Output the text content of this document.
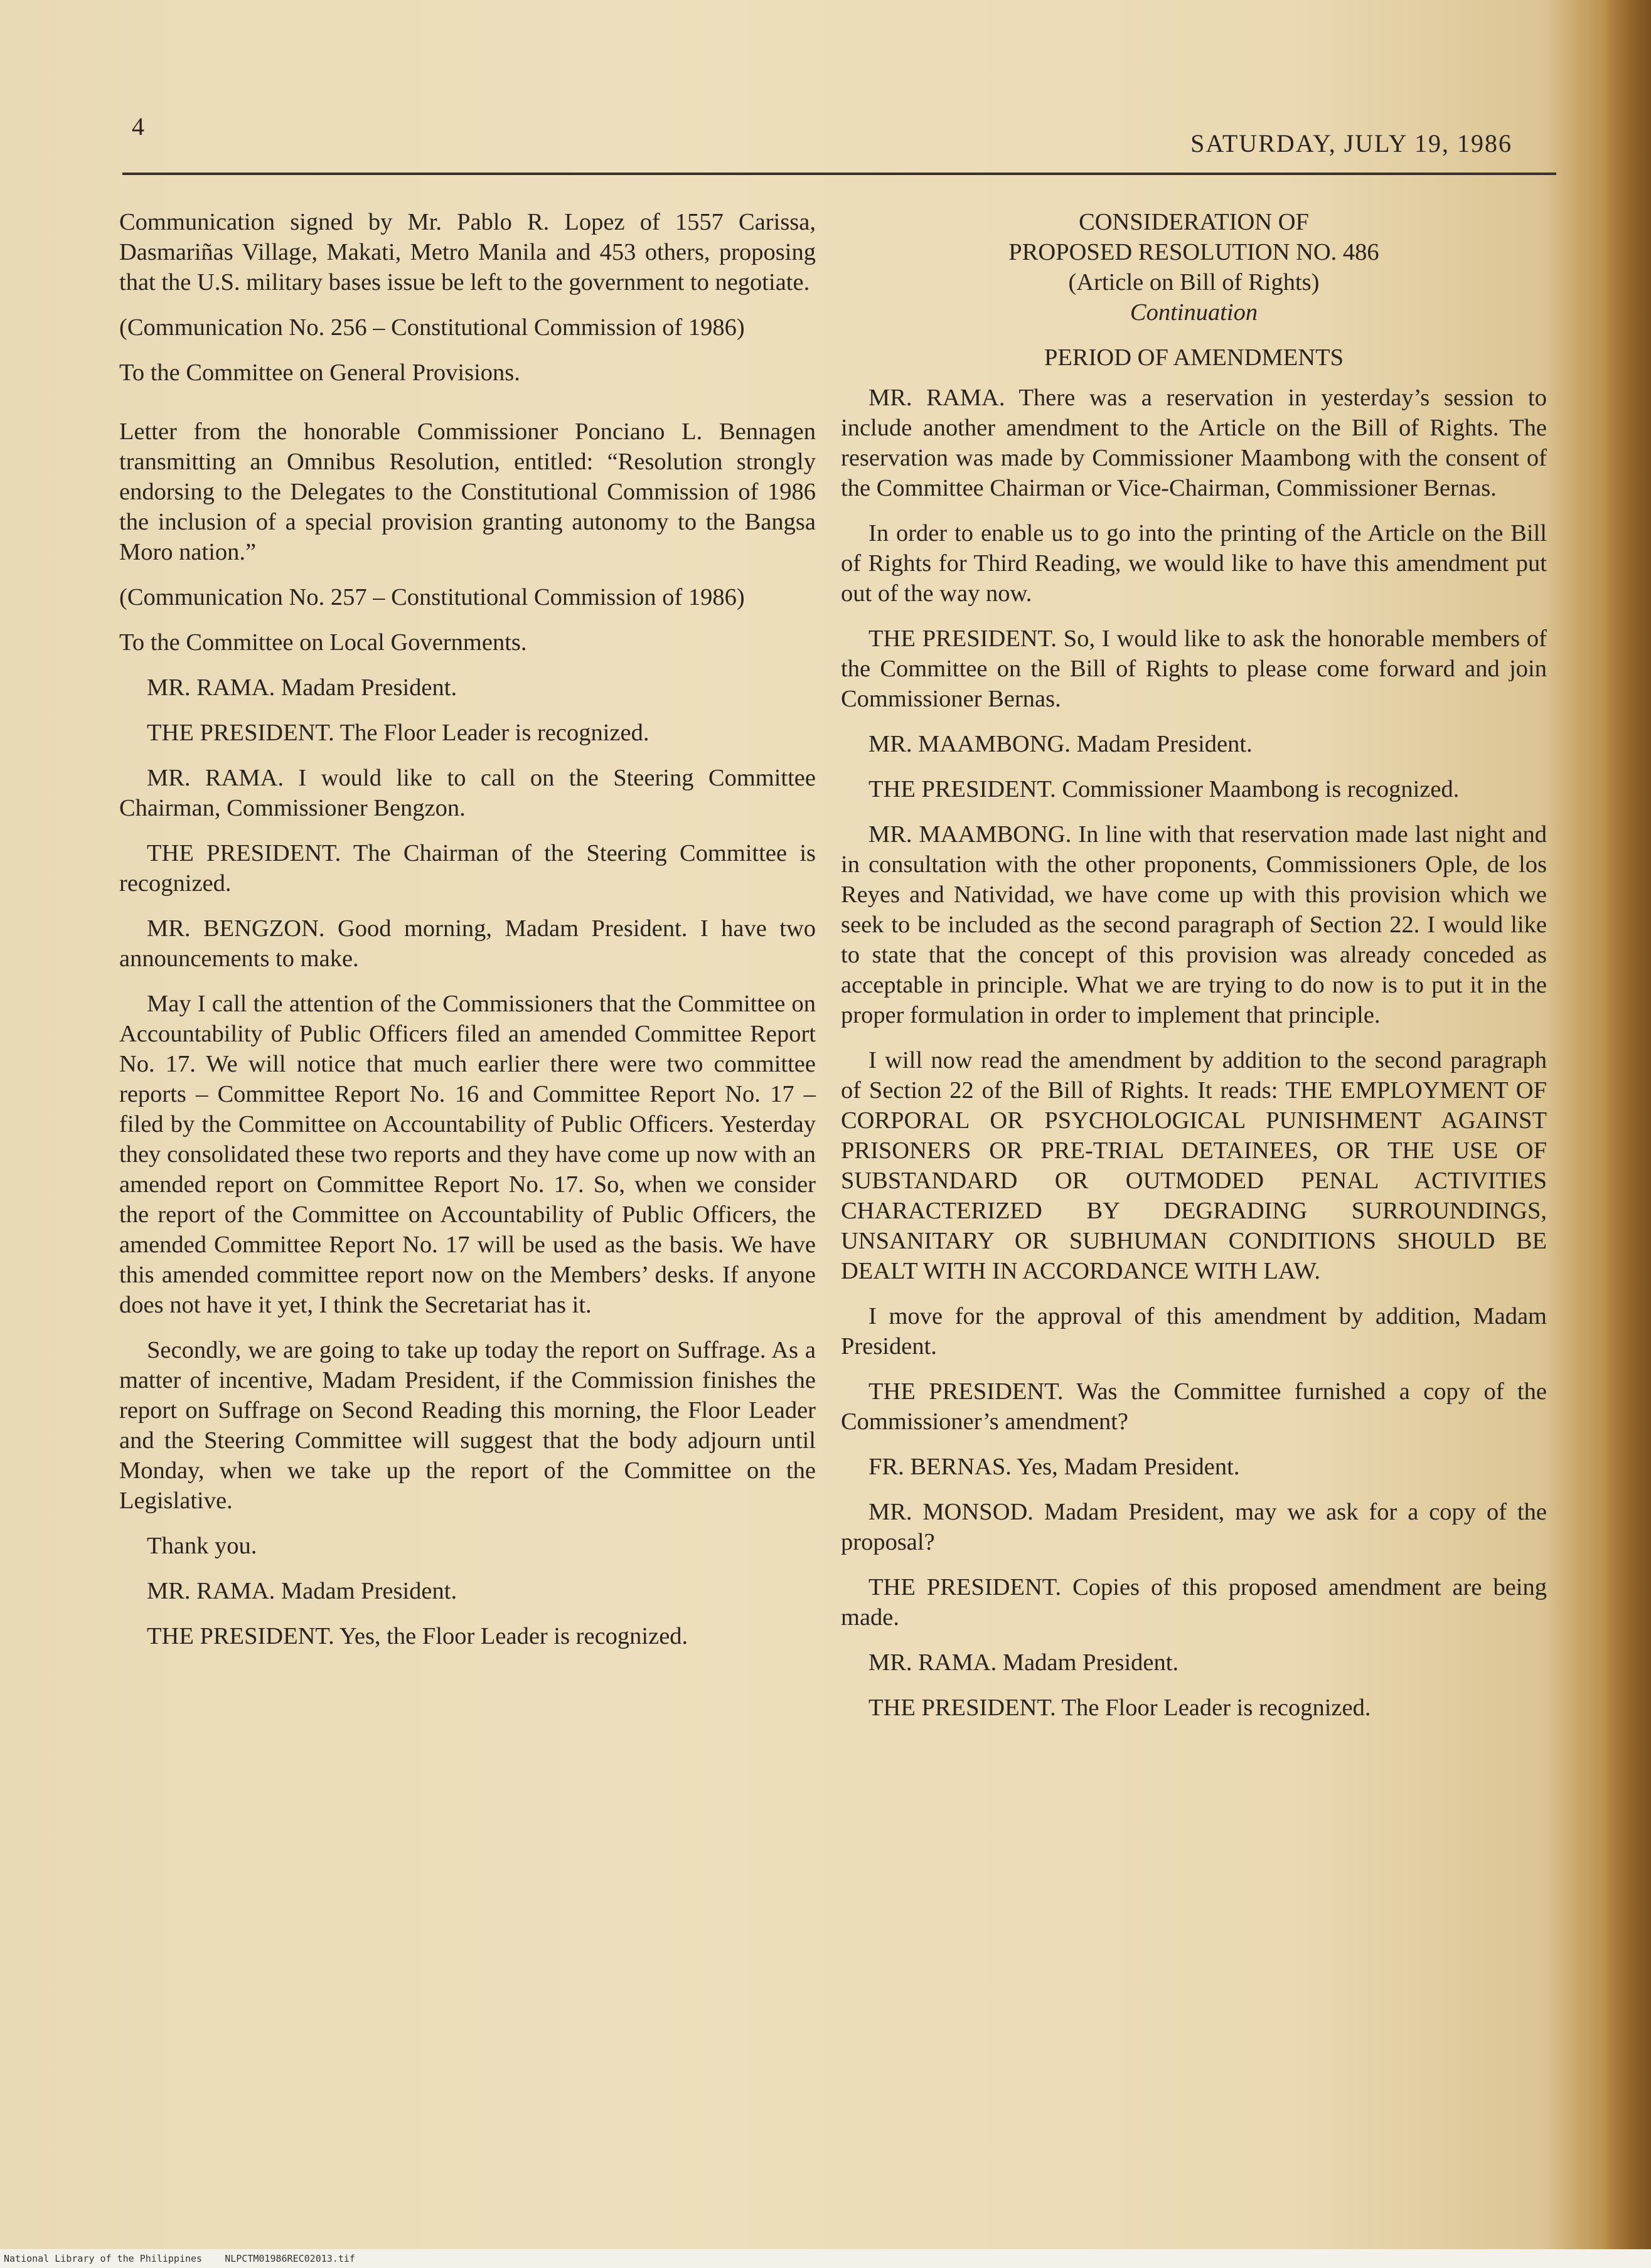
4
SATURDAY, JULY 19, 1986

Communication signed by Mr. Pablo R. Lopez of 1557 Carissa, Dasmariñas Village, Makati, Metro Manila and 453 others, proposing that the U.S. military bases issue be left to the government to negotiate.

(Communication No. 256 – Constitutional Commission of 1986)

To the Committee on General Provisions.

Letter from the honorable Commissioner Ponciano L. Bennagen transmitting an Omnibus Resolution, entitled: “Resolution strongly endorsing to the Delegates to the Constitutional Commission of 1986 the inclusion of a special provision granting autonomy to the Bangsa Moro nation.”

(Communication No. 257 – Constitutional Commission of 1986)

To the Committee on Local Governments.

MR. RAMA. Madam President.

THE PRESIDENT. The Floor Leader is recognized.

MR. RAMA. I would like to call on the Steering Committee Chairman, Commissioner Bengzon.

THE PRESIDENT. The Chairman of the Steering Committee is recognized.

MR. BENGZON. Good morning, Madam President. I have two announcements to make.

May I call the attention of the Commissioners that the Committee on Accountability of Public Officers filed an amended Committee Report No. 17. We will notice that much earlier there were two committee reports – Committee Report No. 16 and Committee Report No. 17 – filed by the Committee on Accountability of Public Officers. Yesterday they consolidated these two reports and they have come up now with an amended report on Committee Report No. 17. So, when we consider the report of the Committee on Accountability of Public Officers, the amended Committee Report No. 17 will be used as the basis. We have this amended committee report now on the Members’ desks. If anyone does not have it yet, I think the Secretariat has it.

Secondly, we are going to take up today the report on Suffrage. As a matter of incentive, Madam President, if the Commission finishes the report on Suffrage on Second Reading this morning, the Floor Leader and the Steering Committee will suggest that the body adjourn until Monday, when we take up the report of the Committee on the Legislative.

Thank you.

MR. RAMA. Madam President.

THE PRESIDENT. Yes, the Floor Leader is recognized.

CONSIDERATION OF

PROPOSED RESOLUTION NO. 486

(Article on Bill of Rights)

Continuation

PERIOD OF AMENDMENTS

MR. RAMA. There was a reservation in yesterday’s session to include another amendment to the Article on the Bill of Rights. The reservation was made by Commissioner Maambong with the consent of the Committee Chairman or Vice-Chairman, Commissioner Bernas.

In order to enable us to go into the printing of the Article on the Bill of Rights for Third Reading, we would like to have this amendment put out of the way now.

THE PRESIDENT. So, I would like to ask the honorable members of the Committee on the Bill of Rights to please come forward and join Commissioner Bernas.

MR. MAAMBONG. Madam President.

THE PRESIDENT. Commissioner Maambong is recognized.

MR. MAAMBONG. In line with that reservation made last night and in consultation with the other proponents, Commissioners Ople, de los Reyes and Natividad, we have come up with this provision which we seek to be included as the second paragraph of Section 22. I would like to state that the concept of this provision was already conceded as acceptable in principle. What we are trying to do now is to put it in the proper formulation in order to implement that principle.

I will now read the amendment by addition to the second paragraph of Section 22 of the Bill of Rights. It reads: THE EMPLOYMENT OF CORPORAL OR PSYCHOLOGICAL PUNISHMENT AGAINST PRISONERS OR PRE-TRIAL DETAINEES, OR THE USE OF SUBSTANDARD OR OUTMODED PENAL ACTIVITIES CHARACTERIZED BY DEGRADING SURROUNDINGS, UNSANITARY OR SUBHUMAN CONDITIONS SHOULD BE DEALT WITH IN ACCORDANCE WITH LAW.

I move for the approval of this amendment by addition, Madam President.

THE PRESIDENT. Was the Committee furnished a copy of the Commissioner’s amendment?

FR. BERNAS. Yes, Madam President.

MR. MONSOD. Madam President, may we ask for a copy of the proposal?

THE PRESIDENT. Copies of this proposed amendment are being made.

MR. RAMA. Madam President.

THE PRESIDENT. The Floor Leader is recognized.

National Library of the Philippines    NLPCTM01986REC02013.tif
